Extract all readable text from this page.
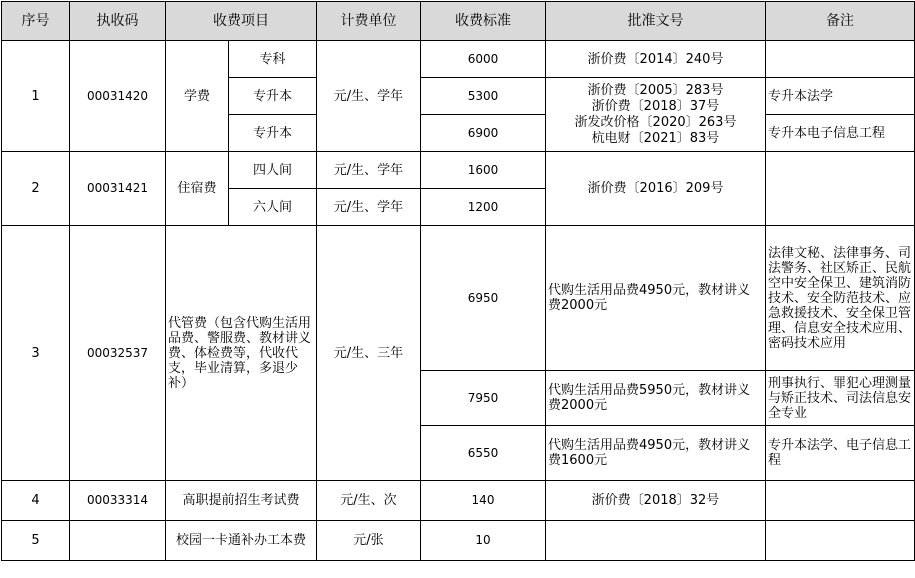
序号	执收码	收费项目		计费单位	收费标准	批准文号	备注
1	00031420	学费	专科	元/生、学年	6000	浙价费〔2014〕240号	
			专升本		5300	浙价费〔2005〕283号
浙价费〔2018〕37号
浙发改价格〔2020〕263号
杭电财〔2021〕83号	专升本法学
			专升本		6900		专升本电子信息工程
2	00031421	住宿费	四人间	元/生、学年	1600	浙价费〔2016〕209号	
			六人间	元/生、学年	1200		
3	00032537	代管费（包含代购生活用品费、警服费、教材讲义费、体检费等，代收代支，毕业清算，多退少补）		元/生、三年	6950	代购生活用品费4950元，教材讲义费2000元	法律文秘、法律事务、司法警务、社区矫正、民航空中安全保卫、建筑消防技术、安全防范技术、应急救援技术、安全保卫管理、信息安全技术应用、密码技术应用
					7950	代购生活用品费5950元，教材讲义费2000元	刑事执行、罪犯心理测量与矫正技术、司法信息安全专业
					6550	代购生活用品费4950元，教材讲义费1600元	专升本法学、电子信息工程
4	00033314	高职提前招生考试费		元/生、次	140	浙价费〔2018〕32号	
5		校园一卡通补办工本费		元/张	10		
